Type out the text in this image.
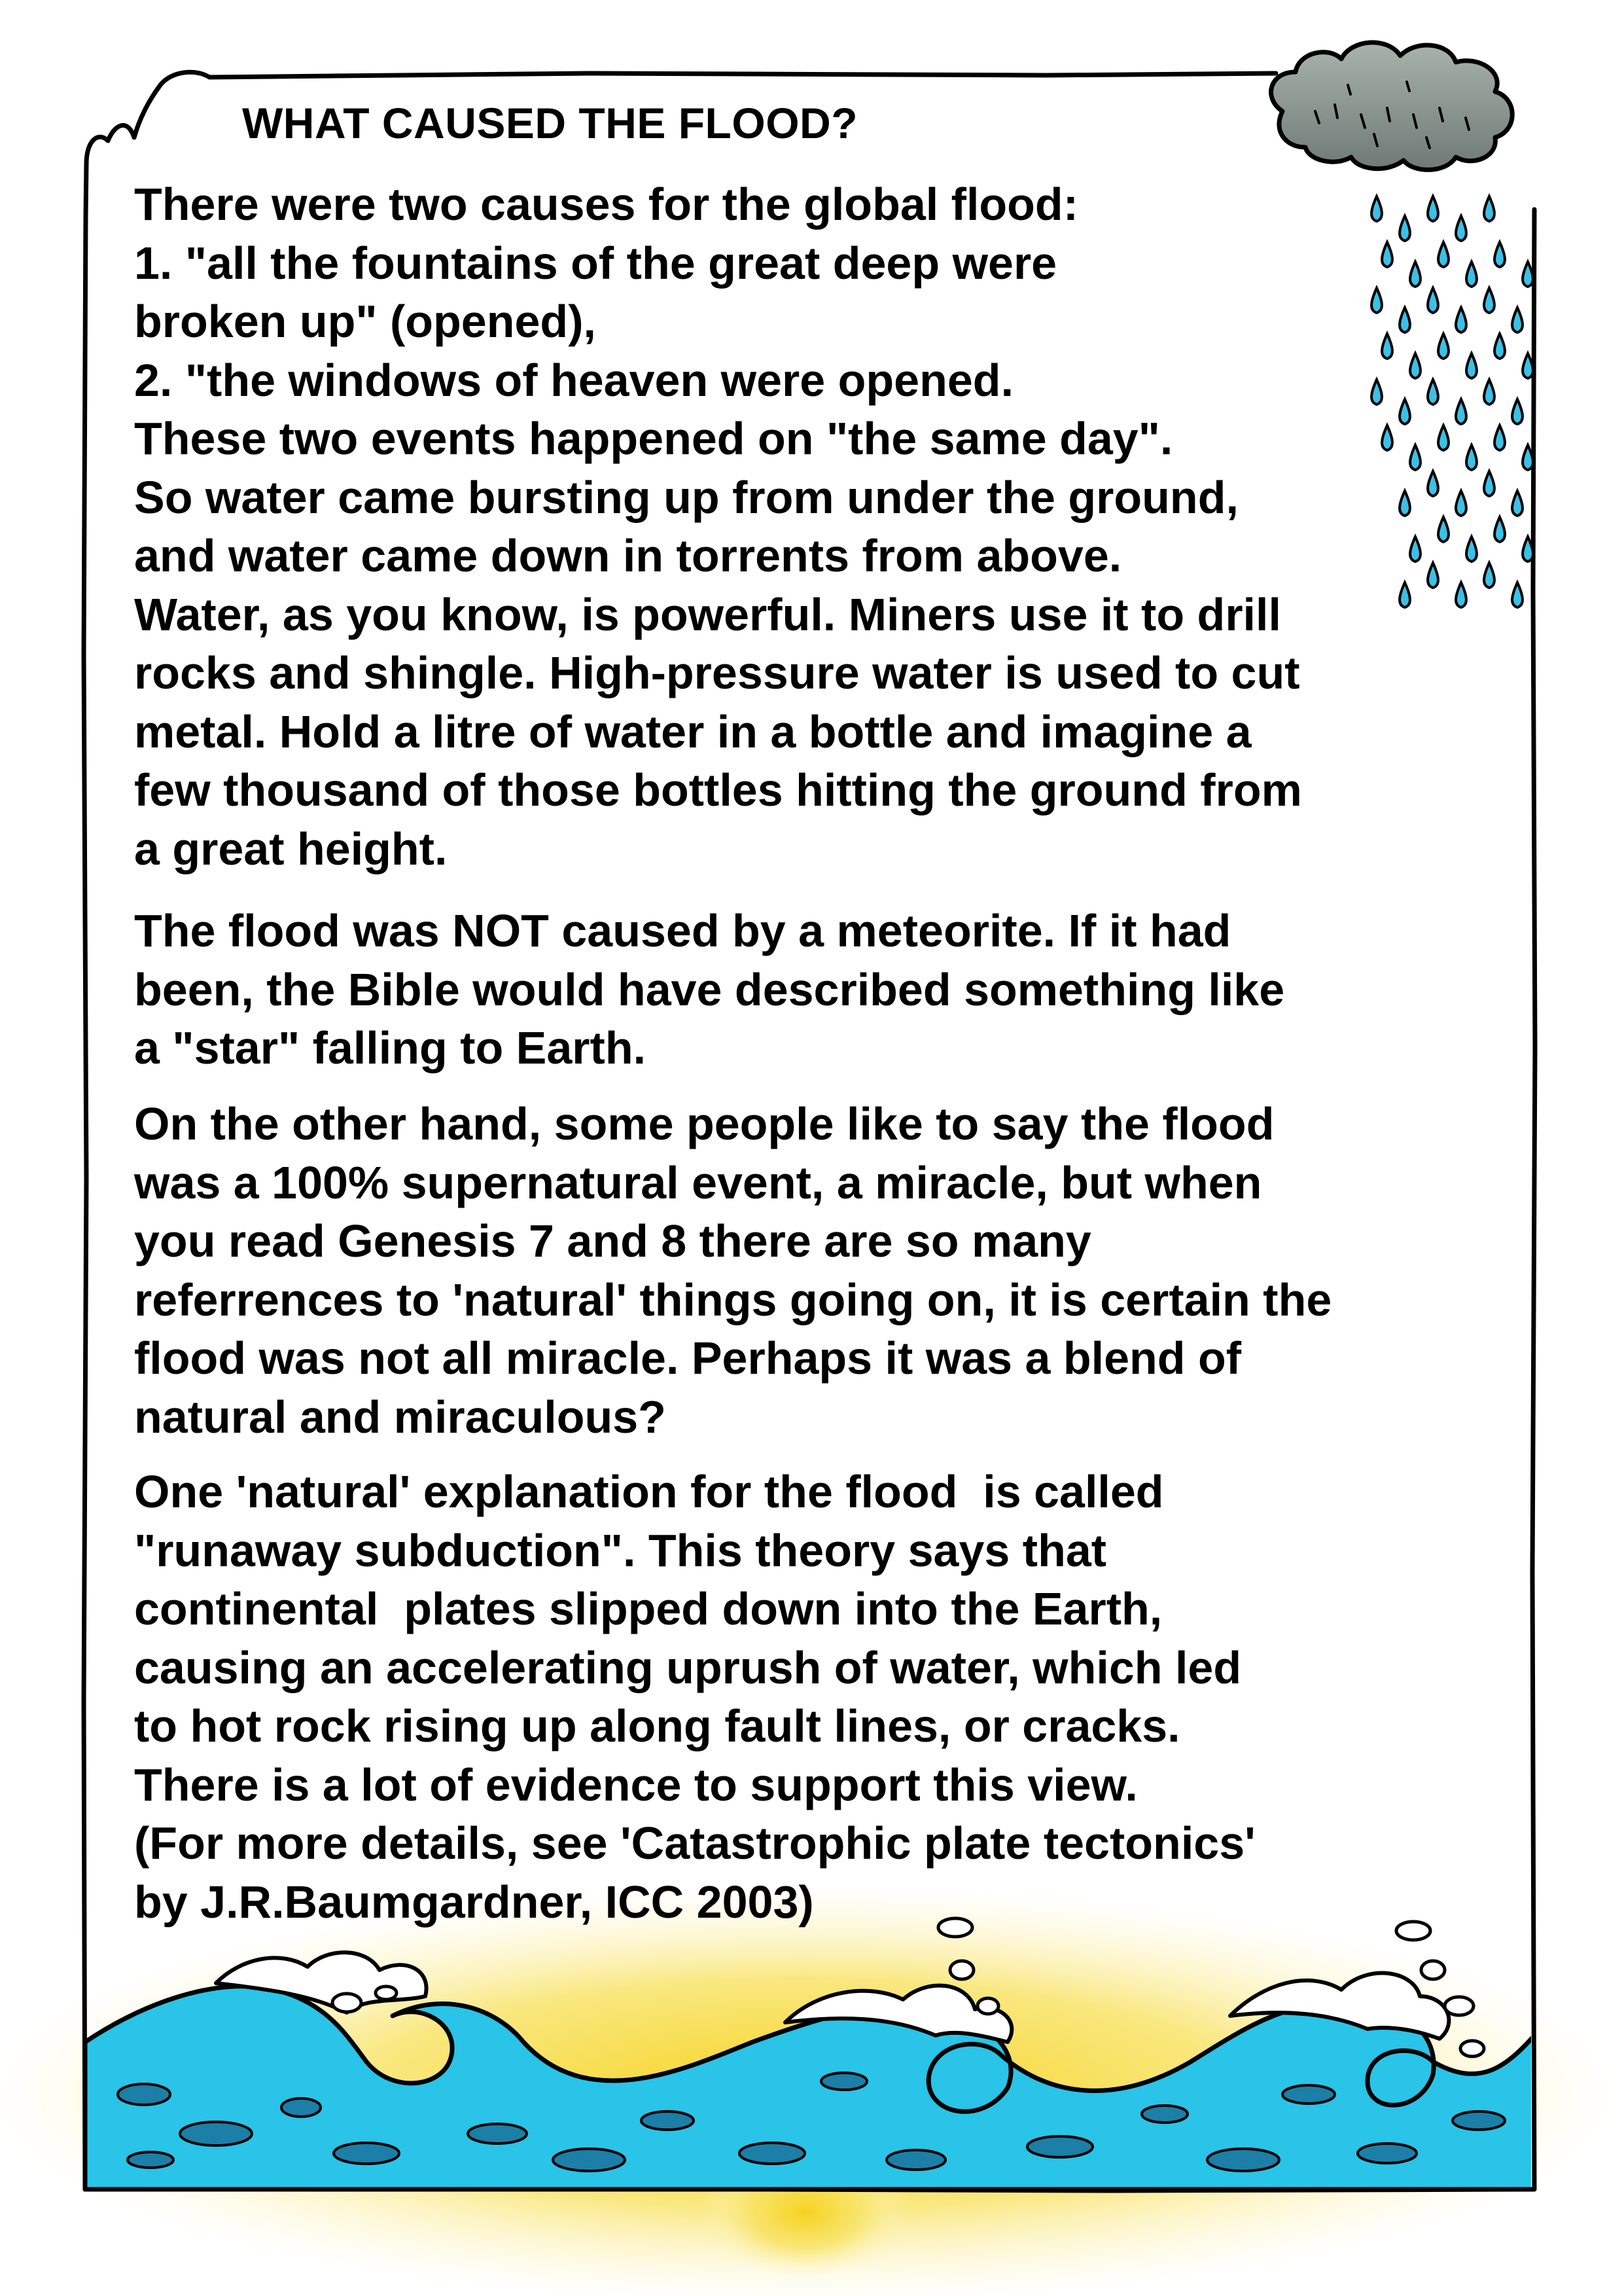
WHAT CAUSED THE FLOOD?
There were two causes for the global flood:
1. "all the fountains of the great deep were
broken up" (opened),
2. "the windows of heaven were opened.
These two events happened on "the same day".
So water came bursting up from under the ground,
and water came down in torrents from above.
Water, as you know, is powerful. Miners use it to drill
rocks and shingle. High-pressure water is used to cut
metal. Hold a litre of water in a bottle and imagine a
few thousand of those bottles hitting the ground from
a great height.
The flood was NOT caused by a meteorite. If it had
been, the Bible would have described something like
a "star" falling to Earth.
On the other hand, some people like to say the flood
was a 100% supernatural event, a miracle, but when
you read Genesis 7 and 8 there are so many
referrences to 'natural' things going on, it is certain the
flood was not all miracle. Perhaps it was a blend of
natural and miraculous?
One 'natural' explanation for the flood  is called
"runaway subduction". This theory says that
continental  plates slipped down into the Earth,
causing an accelerating uprush of water, which led
to hot rock rising up along fault lines, or cracks.
There is a lot of evidence to support this view.
(For more details, see 'Catastrophic plate tectonics'
by J.R.Baumgardner, ICC 2003)
